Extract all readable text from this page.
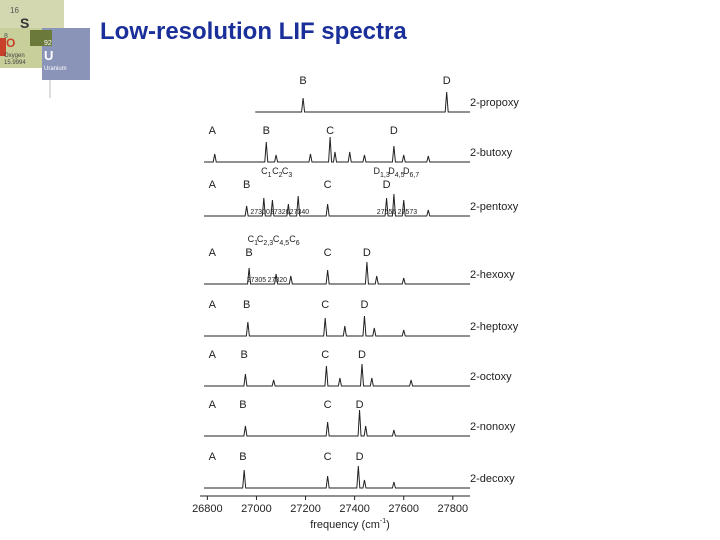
16
S
8
O
Oxygen
15.9994
92
U
Uranium
Low-resolution LIF spectra
B	D
2-propoxy
A	B	C	D
2-butoxy
A B	C	D
2-pentoxy
A	B	C	D
2-hexoxy
A B	C	D
2-heptoxy
A B	C	D
2-octoxy
A B	C D
2-nonoxy
A B	C D
2-decoxy
$C_1$ $C_2$ $C_3$	$D_{1,3}$
$D_{4,5}$
$D_{6,7}$
$C_1$
$C_{2,3}$ $C_{4,5}$ $C_6$
27300 27320 27340	27556 27573
27305 27320
26800 27000 27200 27400 27600 27800
frequency $(cm^{-1})$
